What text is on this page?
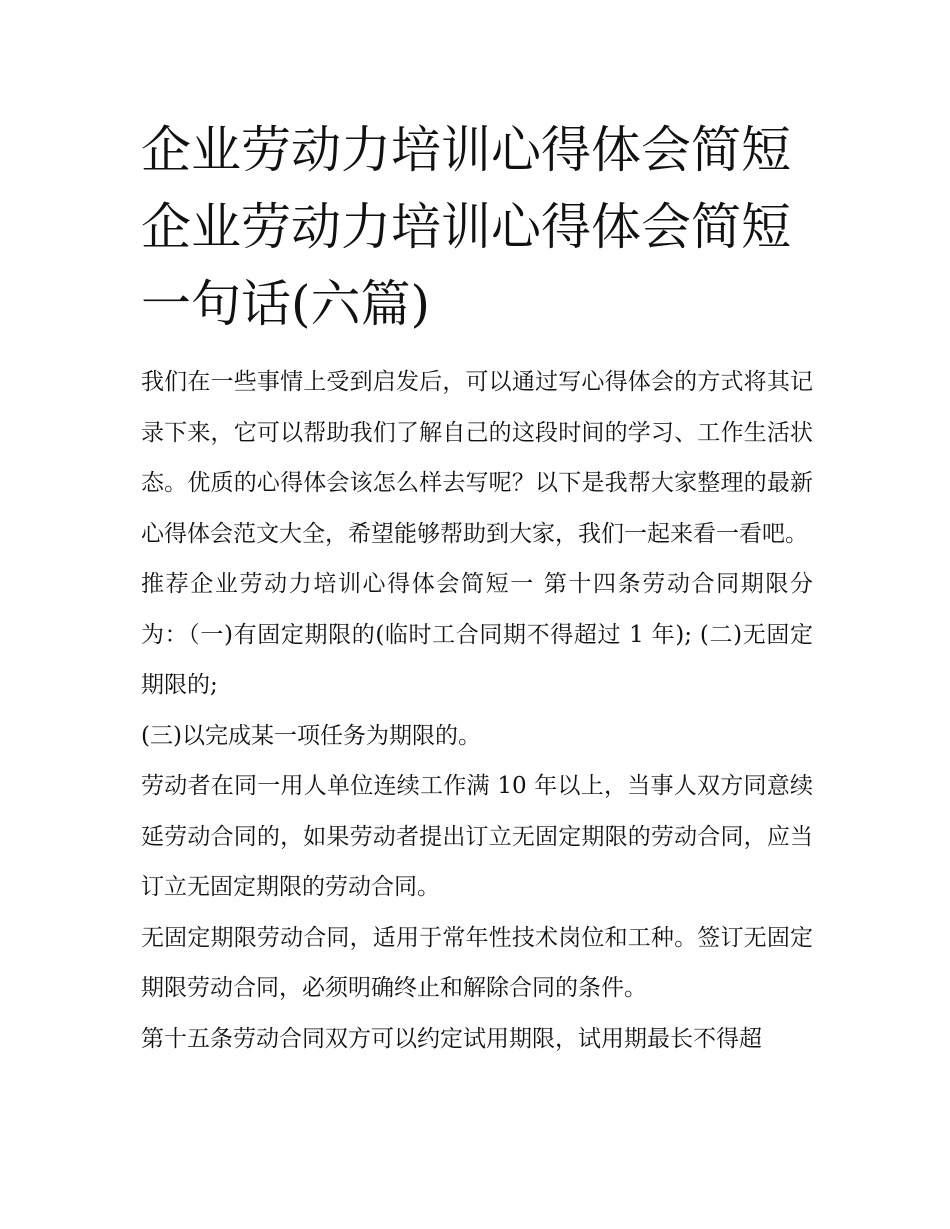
企业劳动力培训心得体会简短企业劳动力培训心得体会简短一句话(六篇)

我们在一些事情上受到启发后，可以通过写心得体会的方式将其记录下来，它可以帮助我们了解自己的这段时间的学习、工作生活状态。优质的心得体会该怎么样去写呢？以下是我帮大家整理的最新心得体会范文大全，希望能够帮助到大家，我们一起来看一看吧。

推荐企业劳动力培训心得体会简短一 第十四条劳动合同期限分为：（一)有固定期限的(临时工合同期不得超过 1 年); (二)无固定期限的;

(三)以完成某一项任务为期限的。

劳动者在同一用人单位连续工作满 10 年以上，当事人双方同意续延劳动合同的，如果劳动者提出订立无固定期限的劳动合同，应当订立无固定期限的劳动合同。

无固定期限劳动合同，适用于常年性技术岗位和工种。签订无固定期限劳动合同，必须明确终止和解除合同的条件。

第十五条劳动合同双方可以约定试用期限，试用期最长不得超
